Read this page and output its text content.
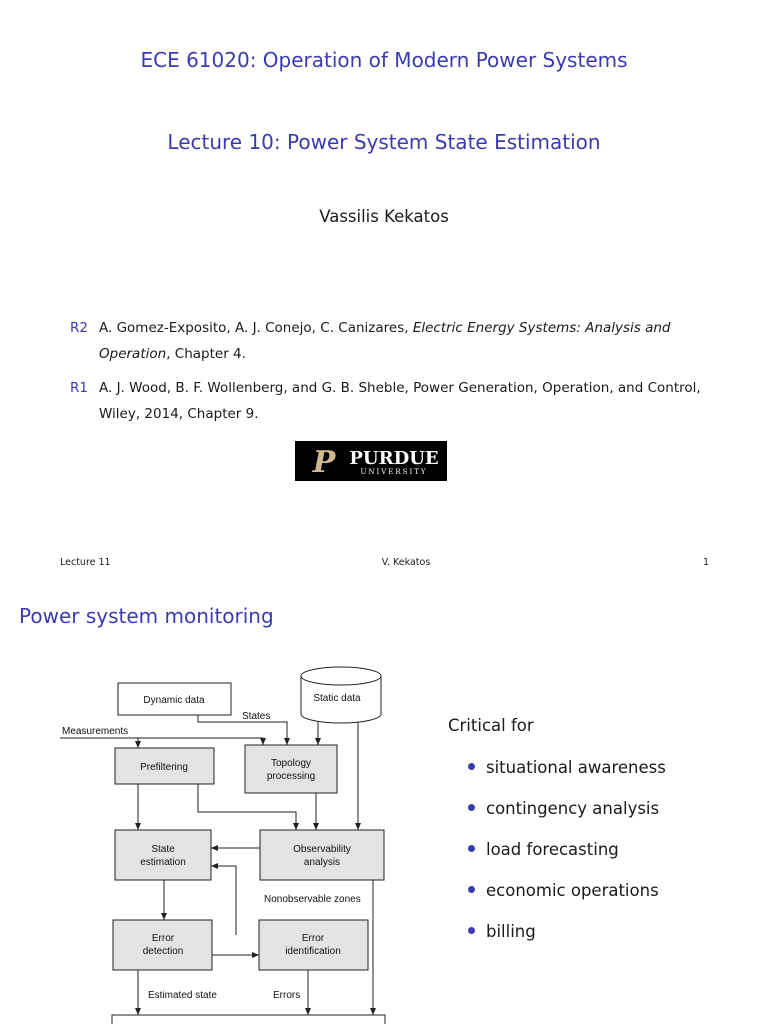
ECE 61020: Operation of Modern Power Systems
Lecture 10: Power System State Estimation
Vassilis Kekatos
R2 A. Gomez-Exposito, A. J. Conejo, C. Canizares, Electric Energy Systems: Analysis and Operation, Chapter 4.
R1 A. J. Wood, B. F. Wollenberg, and G. B. Sheble, Power Generation, Operation, and Control, Wiley, 2014, Chapter 9.
P PURDUE
UNIVERSITY
Lecture 11	V. Kekatos	1
Power system monitoring
Dynamic data	Static data
Prefiltering	Topology
processing
State
estimation
Observability
analysis
Error
detection
Error
identification
Measurements
States
Nonobservable zones
Estimated state	Errors
Critical for
situational awareness
contingency analysis
load forecasting
economic operations
billing
